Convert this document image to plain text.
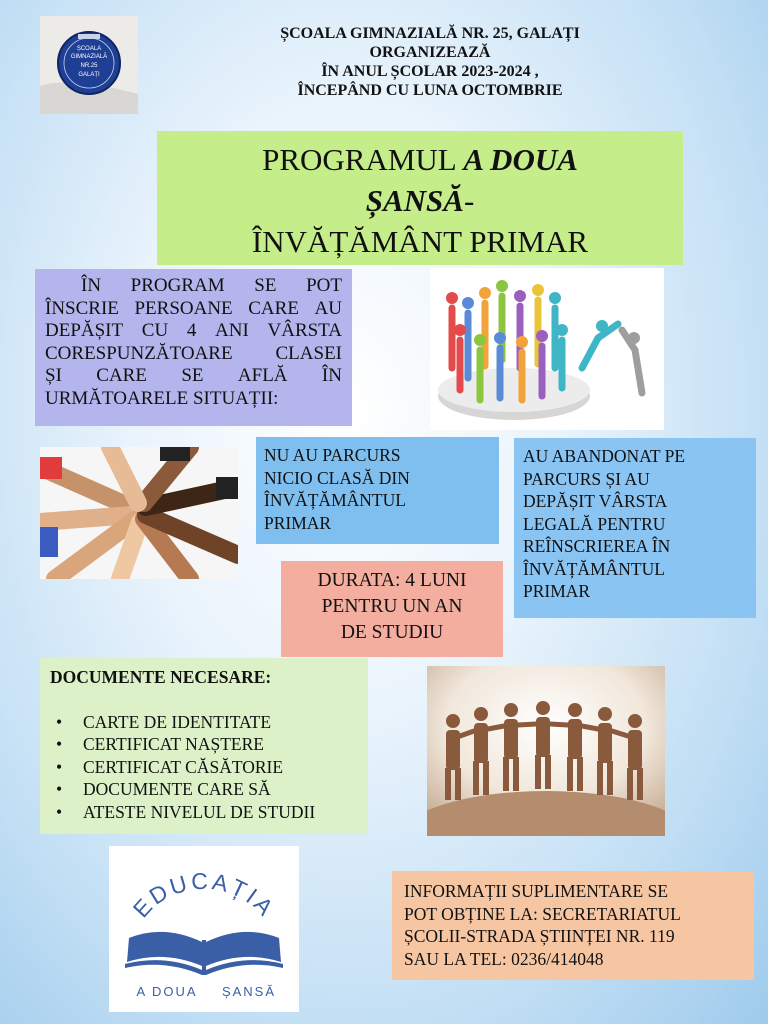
ȘCOALA
GIMNAZIALĂ
NR.25
GALAȚI
ȘCOALA GIMNAZIALĂ NR. 25, GALAȚI
ORGANIZEAZĂ
ÎN ANUL ȘCOLAR 2023-2024 ,
ÎNCEPÂND CU LUNA OCTOMBRIE
PROGRAMUL A DOUA
ȘANSĂ-
ÎNVĂȚĂMÂNT PRIMAR
ÎN PROGRAM SE POT
ÎNSCRIE PERSOANE CARE AU
DEPĂȘIT CU 4 ANI VÂRSTA
CORESPUNZĂTOARE CLASEI
ȘI CARE SE AFLĂ ÎN
URMĂTOARELE SITUAȚII:
NU AU PARCURS
NICIO CLASĂ DIN
ÎNVĂȚĂMÂNTUL
PRIMAR
AU ABANDONAT PE
PARCURS ȘI AU
DEPĂȘIT VÂRSTA
LEGALĂ PENTRU
REÎNSCRIEREA ÎN
ÎNVĂȚĂMÂNTUL
PRIMAR
DURATA: 4 LUNI
PENTRU UN AN
DE STUDIU
DOCUMENTE NECESARE:
• CARTE DE IDENTITATE
• CERTIFICAT NAȘTERE
• CERTIFICAT CĂSĂTORIE
• DOCUMENTE CARE SĂ
• ATESTE NIVELUL DE STUDII
EDUCAȚIA
A DOUA ȘANSĂ
INFORMAȚII SUPLIMENTARE SE
POT OBȚINE LA: SECRETARIATUL
ȘCOLII-STRADA ȘTIINȚEI NR. 119
SAU LA TEL: 0236/414048
